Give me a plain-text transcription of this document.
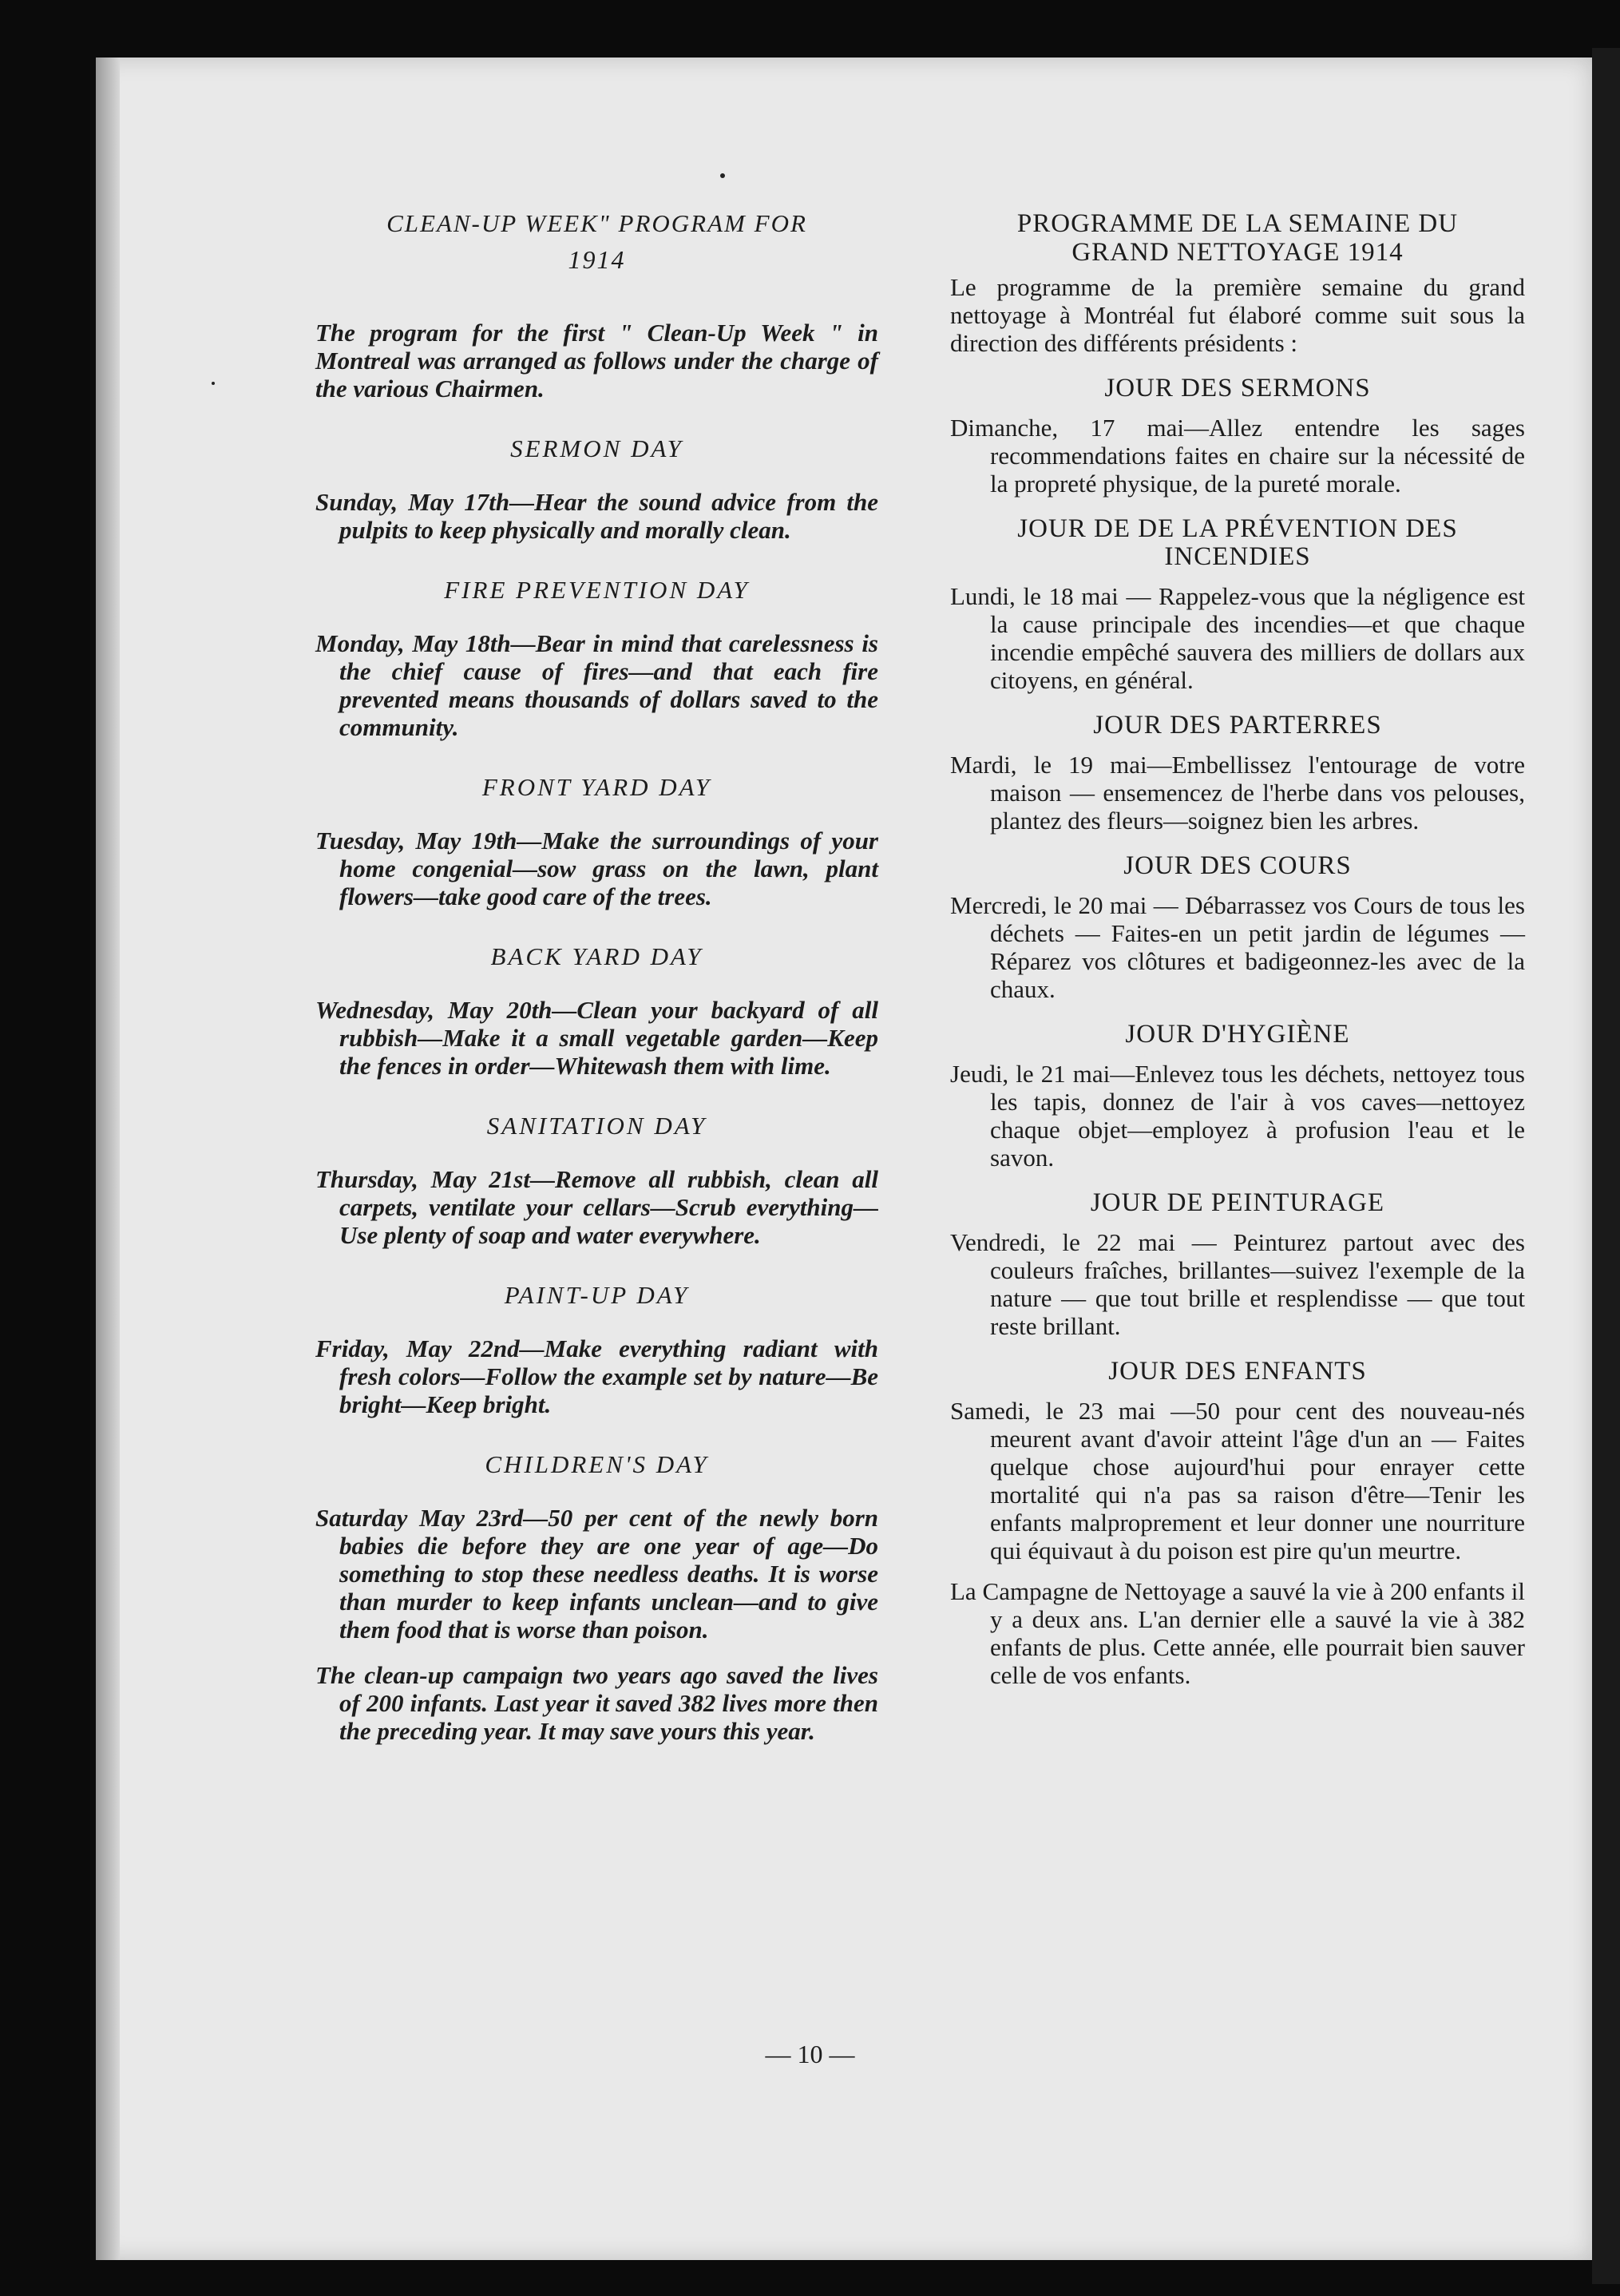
CLEAN-UP WEEK" PROGRAM FOR
1914

The program for the first " Clean-Up Week " in Montreal was arranged as follows under the charge of the various Chairmen.

SERMON DAY

Sunday, May 17th—Hear the sound advice from the pulpits to keep physically and morally clean.

FIRE PREVENTION DAY

Monday, May 18th—Bear in mind that carelessness is the chief cause of fires—and that each fire prevented means thousands of dollars saved to the community.

FRONT YARD DAY

Tuesday, May 19th—Make the surroundings of your home congenial—sow grass on the lawn, plant flowers—take good care of the trees.

BACK YARD DAY

Wednesday, May 20th—Clean your backyard of all rubbish—Make it a small vegetable garden—Keep the fences in order—Whitewash them with lime.

SANITATION DAY

Thursday, May 21st—Remove all rubbish, clean all carpets, ventilate your cellars—Scrub everything—Use plenty of soap and water everywhere.

PAINT-UP DAY

Friday, May 22nd—Make everything radiant with fresh colors—Follow the example set by nature—Be bright—Keep bright.

CHILDREN'S DAY

Saturday May 23rd—50 per cent of the newly born babies die before they are one year of age—Do something to stop these needless deaths. It is worse than murder to keep infants unclean—and to give them food that is worse than poison.

The clean-up campaign two years ago saved the lives of 200 infants. Last year it saved 382 lives more then the preceding year. It may save yours this year.

PROGRAMME DE LA SEMAINE DU
GRAND NETTOYAGE 1914

Le programme de la première semaine du grand nettoyage à Montréal fut élaboré comme suit sous la direction des différents présidents :

JOUR DES SERMONS

Dimanche, 17 mai—Allez entendre les sages recommendations faites en chaire sur la nécessité de la propreté physique, de la pureté morale.

JOUR DE DE LA PRÉVENTION DES INCENDIES

Lundi, le 18 mai — Rappelez-vous que la négligence est la cause principale des incendies—et que chaque incendie empêché sauvera des milliers de dollars aux citoyens, en général.

JOUR DES PARTERRES

Mardi, le 19 mai—Embellissez l'entourage de votre maison — ensemencez de l'herbe dans vos pelouses, plantez des fleurs—soignez bien les arbres.

JOUR DES COURS

Mercredi, le 20 mai — Débarrassez vos Cours de tous les déchets — Faites-en un petit jardin de légumes — Réparez vos clôtures et badigeonnez-les avec de la chaux.

JOUR D'HYGIÈNE

Jeudi, le 21 mai—Enlevez tous les déchets, nettoyez tous les tapis, donnez de l'air à vos caves—nettoyez chaque objet—employez à profusion l'eau et le savon.

JOUR DE PEINTURAGE

Vendredi, le 22 mai — Peinturez partout avec des couleurs fraîches, brillantes—suivez l'exemple de la nature — que tout brille et resplendisse — que tout reste brillant.

JOUR DES ENFANTS

Samedi, le 23 mai —50 pour cent des nouveau-nés meurent avant d'avoir atteint l'âge d'un an — Faites quelque chose aujourd'hui pour enrayer cette mortalité qui n'a pas sa raison d'être—Tenir les enfants malproprement et leur donner une nourriture qui équivaut à du poison est pire qu'un meurtre.

La Campagne de Nettoyage a sauvé la vie à 200 enfants il y a deux ans. L'an dernier elle a sauvé la vie à 382 enfants de plus. Cette année, elle pourrait bien sauver celle de vos enfants.

— 10 —
